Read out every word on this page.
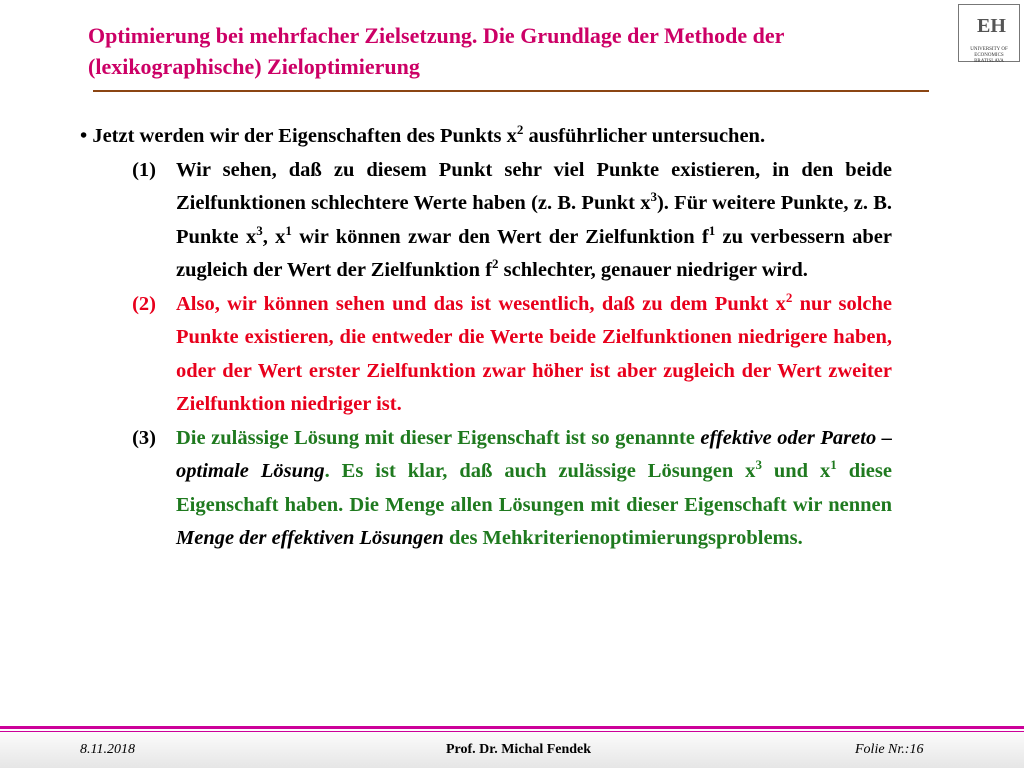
Optimierung bei mehrfacher Zielsetzung. Die Grundlage der Methode der (lexikographische) Zieloptimierung
EH
UNIVERSITY OF ECONOMICS BRATISLAVA

• Jetzt werden wir der Eigenschaften des Punkts $x^2$ ausführlicher untersuchen.

(1) Wir sehen, daß zu diesem Punkt sehr viel Punkte existieren, in den beide Zielfunktionen schlechtere Werte haben (z. B. Punkt $x^3$). Für weitere Punkte, z. B. Punkte $x^3$, $x^1$ wir können zwar den Wert der Zielfunktion $f^1$ zu verbessern aber zugleich der Wert der Zielfunktion $f^2$ schlechter, genauer niedriger wird.
(2) Also, wir können sehen und das ist wesentlich, daß zu dem Punkt $x^2$ nur solche Punkte existieren, die entweder die Werte beide Zielfunktionen niedrigere haben, oder der Wert erster Zielfunktion zwar höher ist aber zugleich der Wert zweiter Zielfunktion niedriger ist.
(3) Die zulässige Lösung mit dieser Eigenschaft ist so genannte effektive oder Pareto – optimale Lösung. Es ist klar, daß auch zulässige Lösungen $x^3$ und $x^1$ diese Eigenschaft haben. Die Menge allen Lösungen mit dieser Eigenschaft wir nennen Menge der effektiven Lösungen des Mehkriterienoptimierungsproblems.
8.11.2018	Prof. Dr. Michal Fendek	Folie Nr.:16
